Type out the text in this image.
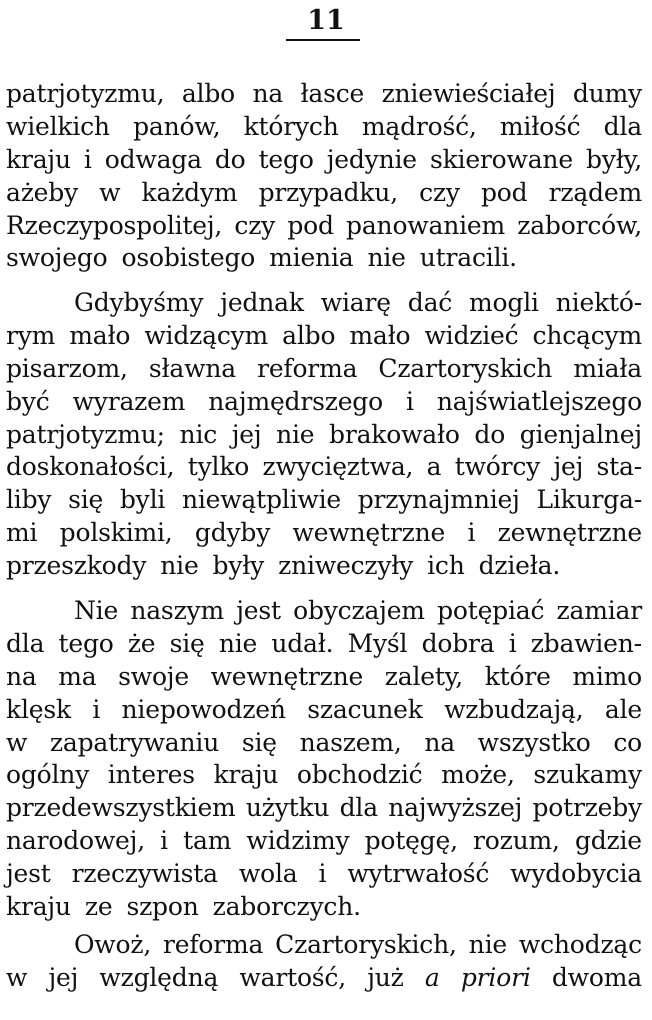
11
patrjotyzmu, albo na łasce zniewieściałej dumy
wielkich panów, których mądrość, miłość dla
kraju i odwaga do tego jedynie skierowane były,
ażeby w każdym przypadku, czy pod rządem
Rzeczypospolitej, czy pod panowaniem zaborców,
swojego osobistego mienia nie utracili.
Gdybyśmy jednak wiarę dać mogli niektó-
rym mało widzącym albo mało widzieć chcącym
pisarzom, sławna reforma Czartoryskich miała
być wyrazem najmędrszego i najświatlejszego
patrjotyzmu; nic jej nie brakowało do gienjalnej
doskonałości, tylko zwycięztwa, a twórcy jej sta-
liby się byli niewątpliwie przynajmniej Likurga-
mi polskimi, gdyby wewnętrzne i zewnętrzne
przeszkody nie były zniweczyły ich dzieła.
Nie naszym jest obyczajem potępiać zamiar
dla tego że się nie udał. Myśl dobra i zbawien-
na ma swoje wewnętrzne zalety, które mimo
klęsk i niepowodzeń szacunek wzbudzają, ale
w zapatrywaniu się naszem, na wszystko co
ogólny interes kraju obchodzić może, szukamy
przedewszystkiem użytku dla najwyższej potrzeby
narodowej, i tam widzimy potęgę, rozum, gdzie
jest rzeczywista wola i wytrwałość wydobycia
kraju ze szpon zaborczych.
Owoż, reforma Czartoryskich, nie wchodząc
w jej względną wartość, już a priori dwoma
